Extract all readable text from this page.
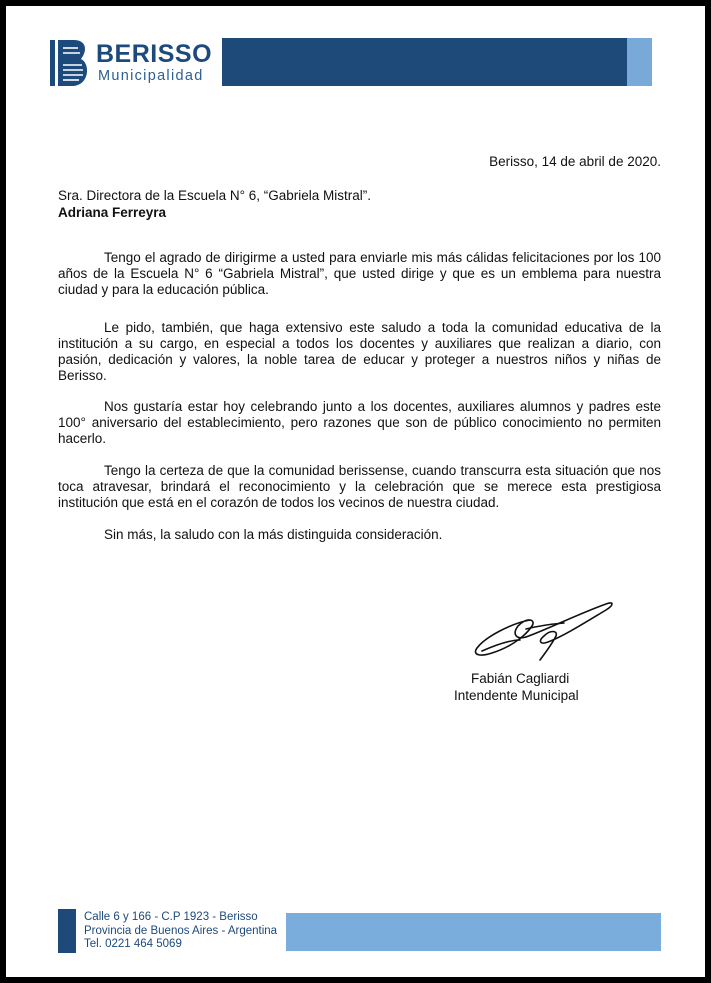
BERISSO
Municipalidad
Berisso, 14 de abril de 2020.
Sra. Directora de la Escuela N° 6, “Gabriela Mistral”.
Adriana Ferreyra

Tengo el agrado de dirigirme a usted para enviarle mis más cálidas felicitaciones por los 100 años de la Escuela N° 6 “Gabriela Mistral”, que usted dirige y que es un emblema para nuestra ciudad y para la educación pública.

Le pido, también, que haga extensivo este saludo a toda la comunidad educativa de la institución a su cargo, en especial a todos los docentes y auxiliares que realizan a diario, con pasión, dedicación y valores, la noble tarea de educar y proteger a nuestros niños y niñas de Berisso.

Nos gustaría estar hoy celebrando junto a los docentes, auxiliares alumnos y padres este 100° aniversario del establecimiento, pero razones que son de público conocimiento no permiten hacerlo.

Tengo la certeza de que la comunidad berissense, cuando transcurra esta situación que nos toca atravesar, brindará el reconocimiento y la celebración que se merece esta prestigiosa institución que está en el corazón de todos los vecinos de nuestra ciudad.

Sin más, la saludo con la más distinguida consideración.

Fabián Cagliardi
Intendente Municipal
Calle 6 y 166 - C.P 1923 - Berisso
Provincia de Buenos Aires - Argentina
Tel. 0221 464 5069
